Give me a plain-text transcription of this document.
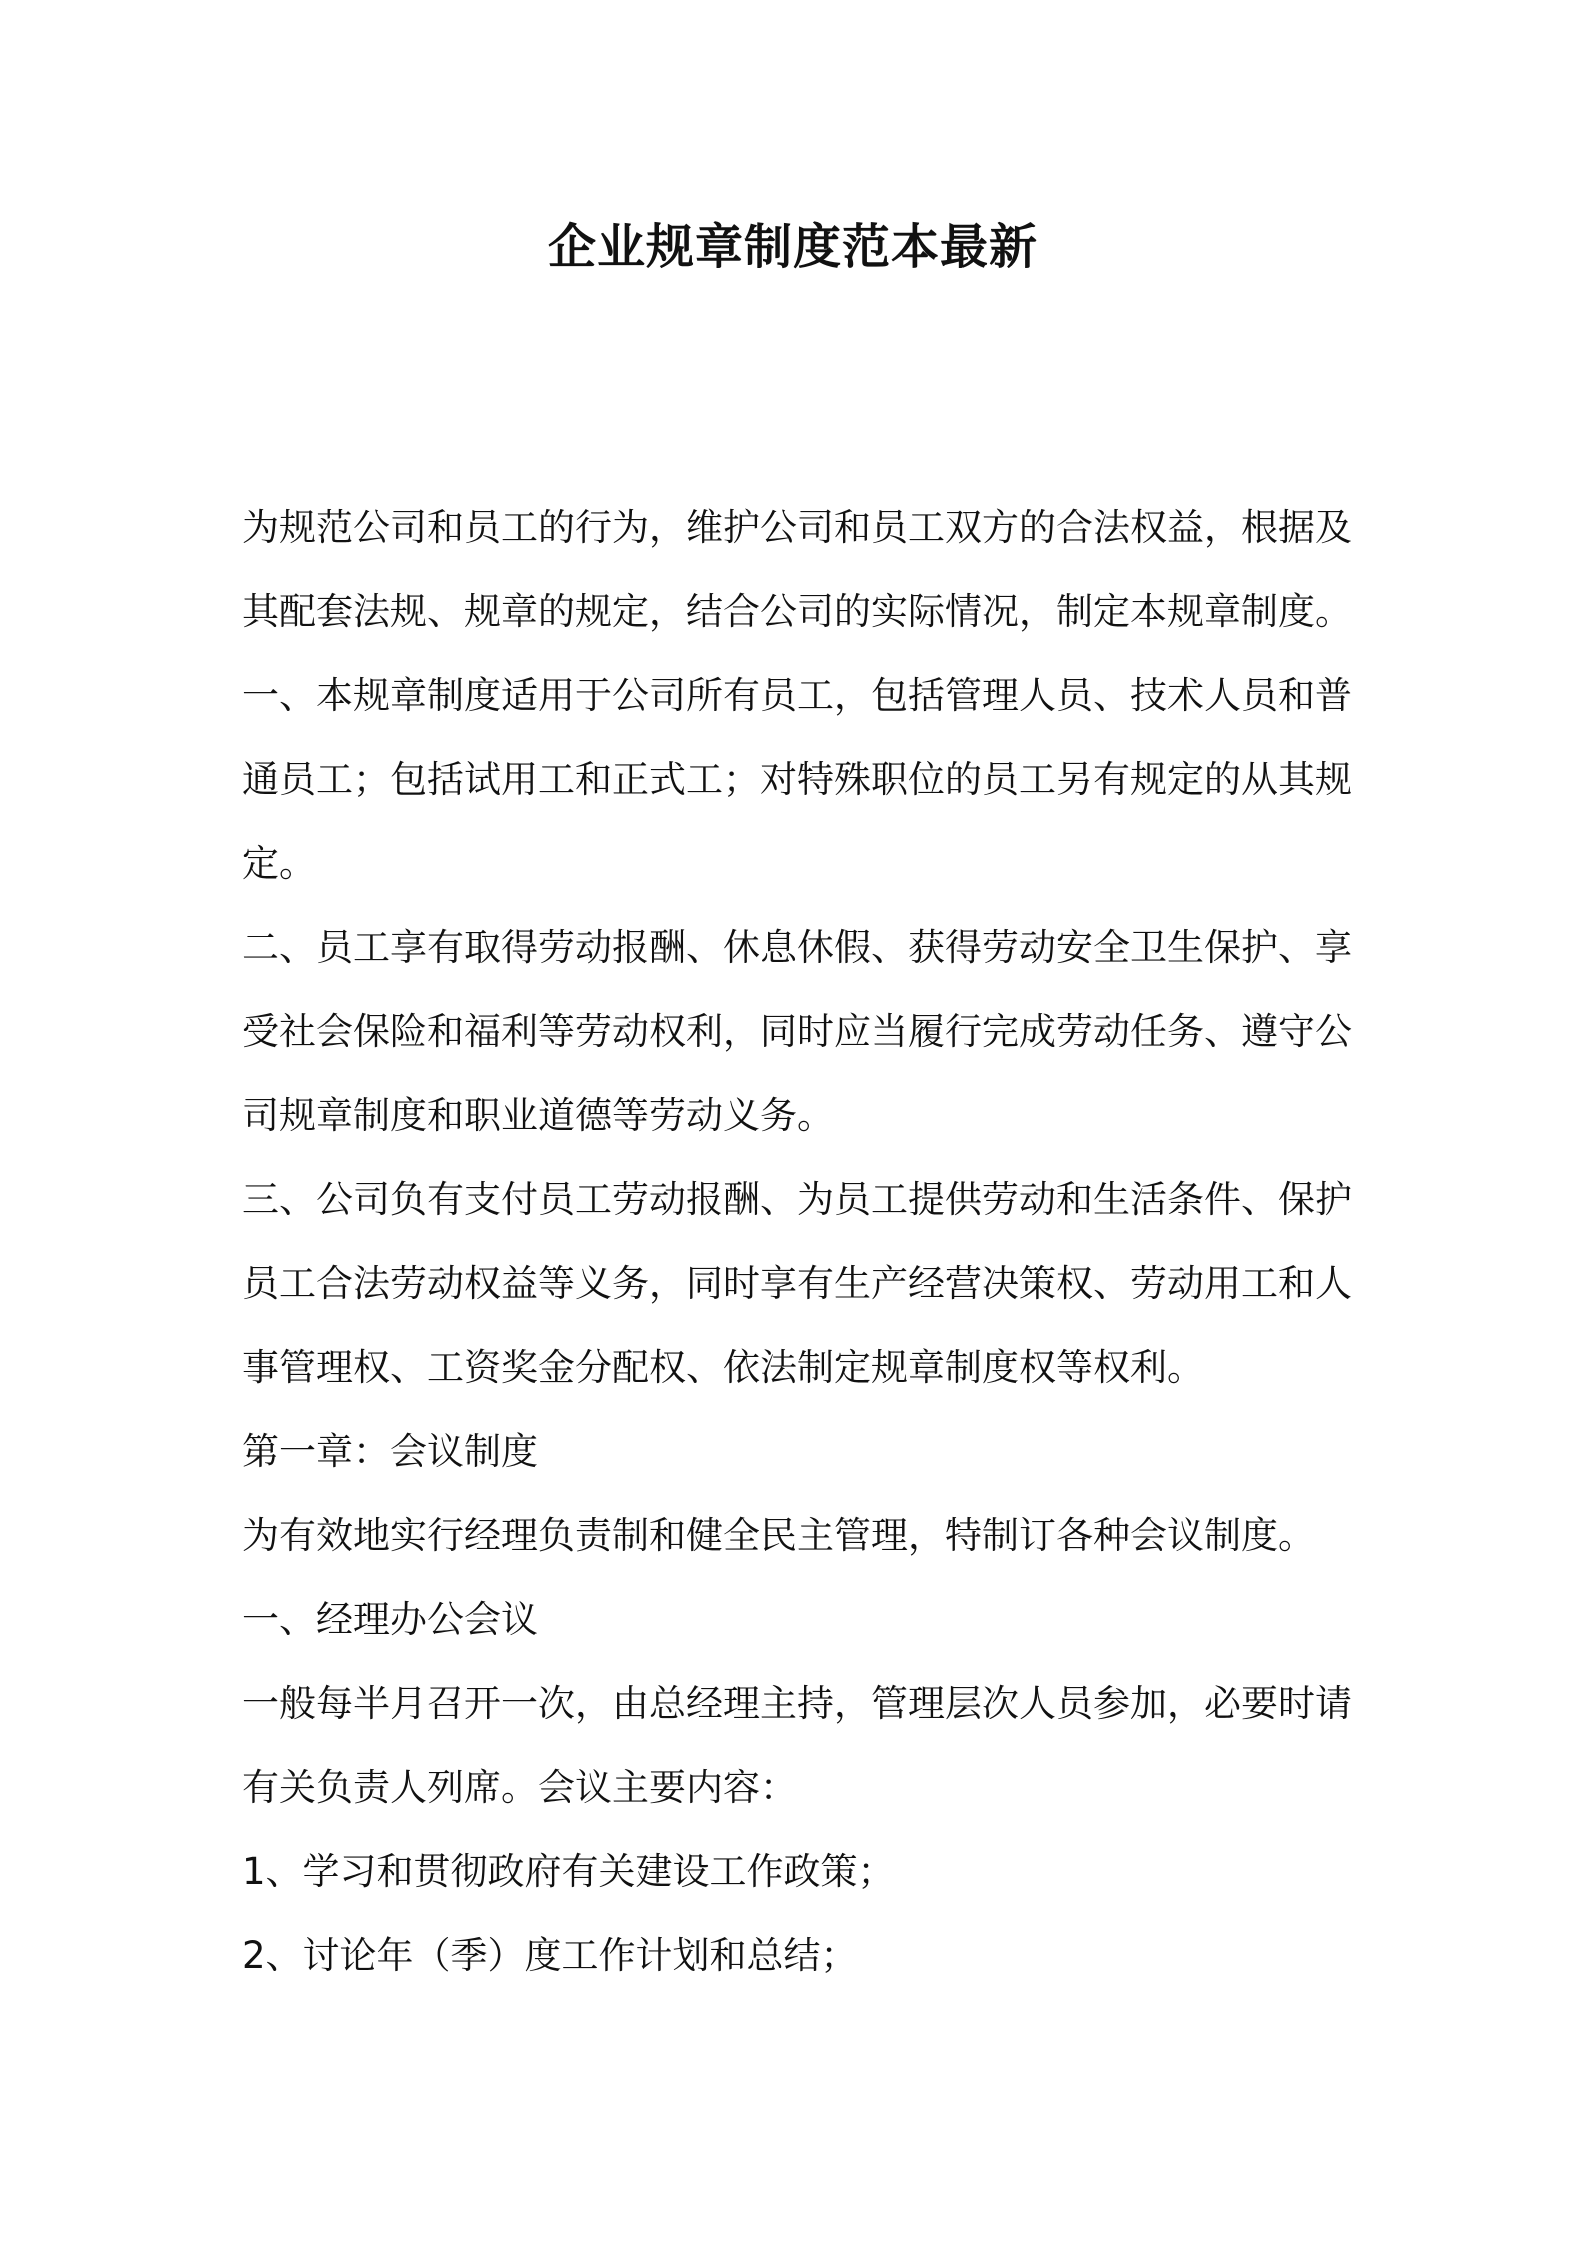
企业规章制度范本最新
为规范公司和员工的行为，维护公司和员工双方的合法权益，根据及
其配套法规、规章的规定，结合公司的实际情况，制定本规章制度。
一、本规章制度适用于公司所有员工，包括管理人员、技术人员和普
通员工；包括试用工和正式工；对特殊职位的员工另有规定的从其规
定。
二、员工享有取得劳动报酬、休息休假、获得劳动安全卫生保护、享
受社会保险和福利等劳动权利，同时应当履行完成劳动任务、遵守公
司规章制度和职业道德等劳动义务。
三、公司负有支付员工劳动报酬、为员工提供劳动和生活条件、保护
员工合法劳动权益等义务，同时享有生产经营决策权、劳动用工和人
事管理权、工资奖金分配权、依法制定规章制度权等权利。
第一章：会议制度
为有效地实行经理负责制和健全民主管理，特制订各种会议制度。
一、经理办公会议
一般每半月召开一次，由总经理主持，管理层次人员参加，必要时请
有关负责人列席。会议主要内容：
1、学习和贯彻政府有关建设工作政策；
2、讨论年（季）度工作计划和总结；
